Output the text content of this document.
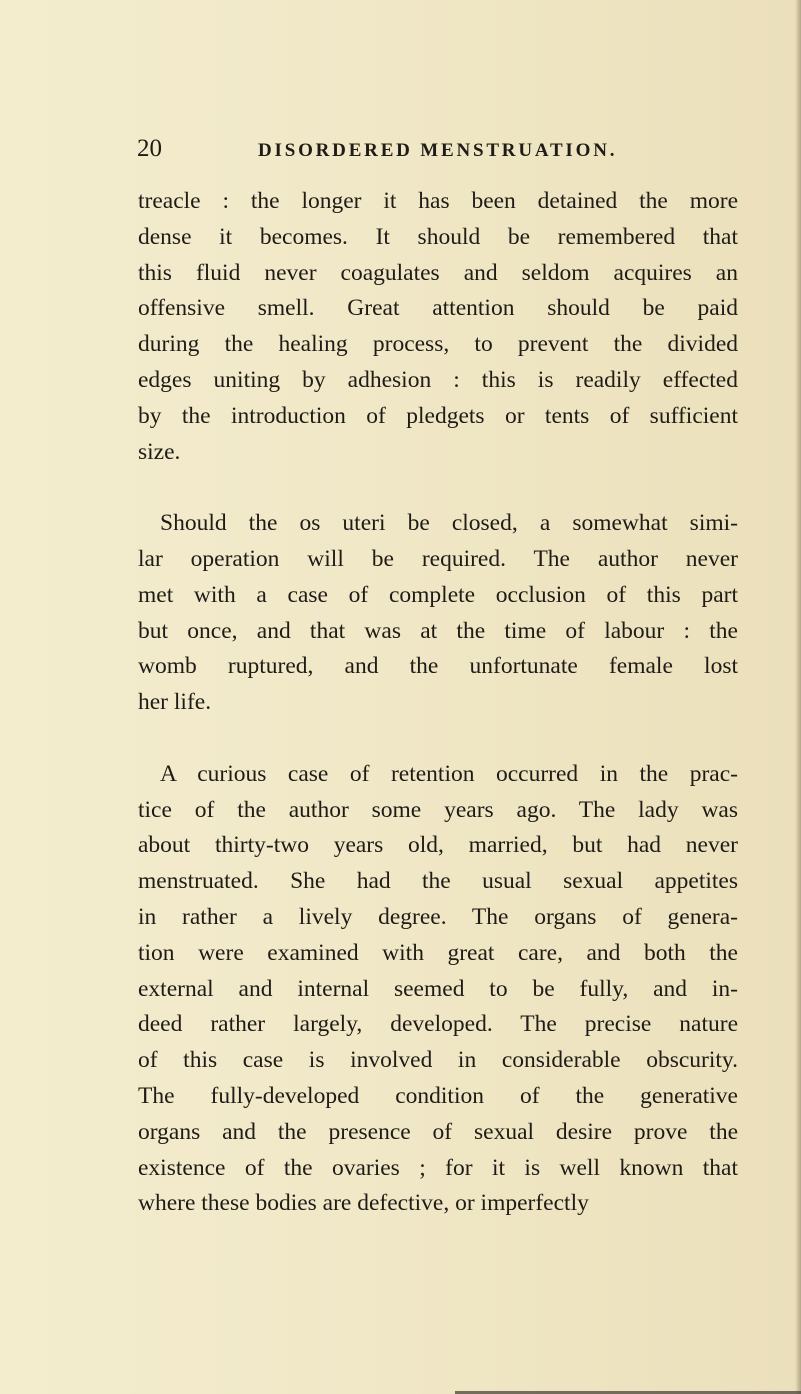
20	DISORDERED MENSTRUATION.
treacle : the longer it has been detained the more
dense it becomes. It should be remembered that
this fluid never coagulates and seldom acquires an
offensive smell. Great attention should be paid
during the healing process, to prevent the divided
edges uniting by adhesion : this is readily effected
by the introduction of pledgets or tents of sufficient
size.
Should the os uteri be closed, a somewhat simi-
lar operation will be required. The author never
met with a case of complete occlusion of this part
but once, and that was at the time of labour : the
womb ruptured, and the unfortunate female lost
her life.
A curious case of retention occurred in the prac-
tice of the author some years ago. The lady was
about thirty-two years old, married, but had never
menstruated. She had the usual sexual appetites
in rather a lively degree. The organs of genera-
tion were examined with great care, and both the
external and internal seemed to be fully, and in-
deed rather largely, developed. The precise nature
of this case is involved in considerable obscurity.
The fully-developed condition of the generative
organs and the presence of sexual desire prove the
existence of the ovaries ; for it is well known that
where these bodies are defective, or imperfectly
